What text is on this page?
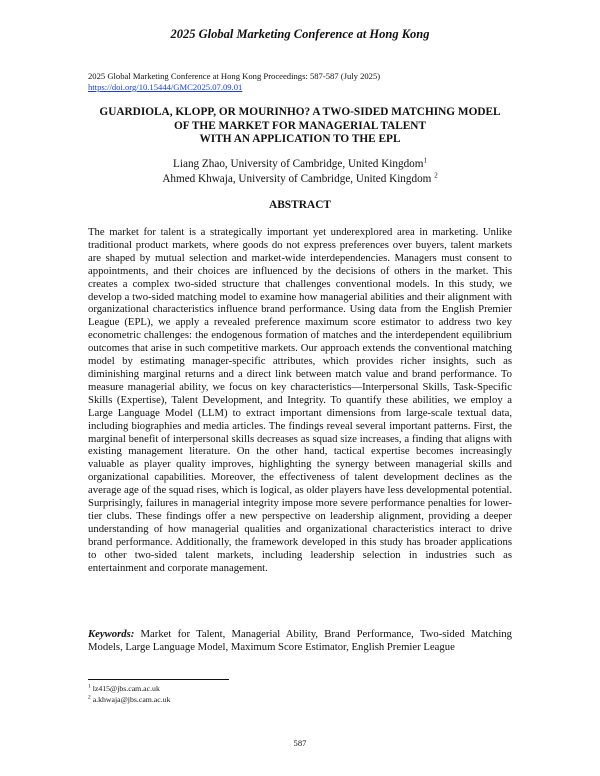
2025 Global Marketing Conference at Hong Kong
2025 Global Marketing Conference at Hong Kong Proceedings: 587-587 (July 2025)
https://doi.org/10.15444/GMC2025.07.09.01
GUARDIOLA, KLOPP, OR MOURINHO? A TWO-SIDED MATCHING MODEL
OF THE MARKET FOR MANAGERIAL TALENT
WITH AN APPLICATION TO THE EPL
Liang Zhao, University of Cambridge, United Kingdom$^1$
Ahmed Khwaja, University of Cambridge, United Kingdom $^2$
ABSTRACT
The market for talent is a strategically important yet underexplored area in marketing. Unlike traditional product markets, where goods do not express preferences over buyers, talent markets are shaped by mutual selection and market-wide interdependencies. Managers must consent to appointments, and their choices are influenced by the decisions of others in the market. This creates a complex two-sided structure that challenges conventional models. In this study, we develop a two-sided matching model to examine how managerial abilities and their alignment with organizational characteristics influence brand performance. Using data from the English Premier League (EPL), we apply a revealed preference maximum score estimator to address two key econometric challenges: the endogenous formation of matches and the interdependent equilibrium outcomes that arise in such competitive markets. Our approach extends the conventional matching model by estimating manager-specific attributes, which provides richer insights, such as diminishing marginal returns and a direct link between match value and brand performance. To measure managerial ability, we focus on key characteristics—Interpersonal Skills, Task-Specific Skills (Expertise), Talent Development, and Integrity. To quantify these abilities, we employ a Large Language Model (LLM) to extract important dimensions from large-scale textual data, including biographies and media articles. The findings reveal several important patterns. First, the marginal benefit of interpersonal skills decreases as squad size increases, a finding that aligns with existing management literature. On the other hand, tactical expertise becomes increasingly valuable as player quality improves, highlighting the synergy between managerial skills and organizational capabilities. Moreover, the effectiveness of talent development declines as the average age of the squad rises, which is logical, as older players have less developmental potential. Surprisingly, failures in managerial integrity impose more severe performance penalties for lower-tier clubs. These findings offer a new perspective on leadership alignment, providing a deeper understanding of how managerial qualities and organizational characteristics interact to drive brand performance. Additionally, the framework developed in this study has broader applications to other two-sided talent markets, including leadership selection in industries such as entertainment and corporate management.
Keywords: Market for Talent, Managerial Ability, Brand Performance, Two-sided Matching Models, Large Language Model, Maximum Score Estimator, English Premier League
$^1$ lz415@jbs.cam.ac.uk
$^2$ a.khwaja@jbs.cam.ac.uk
587
